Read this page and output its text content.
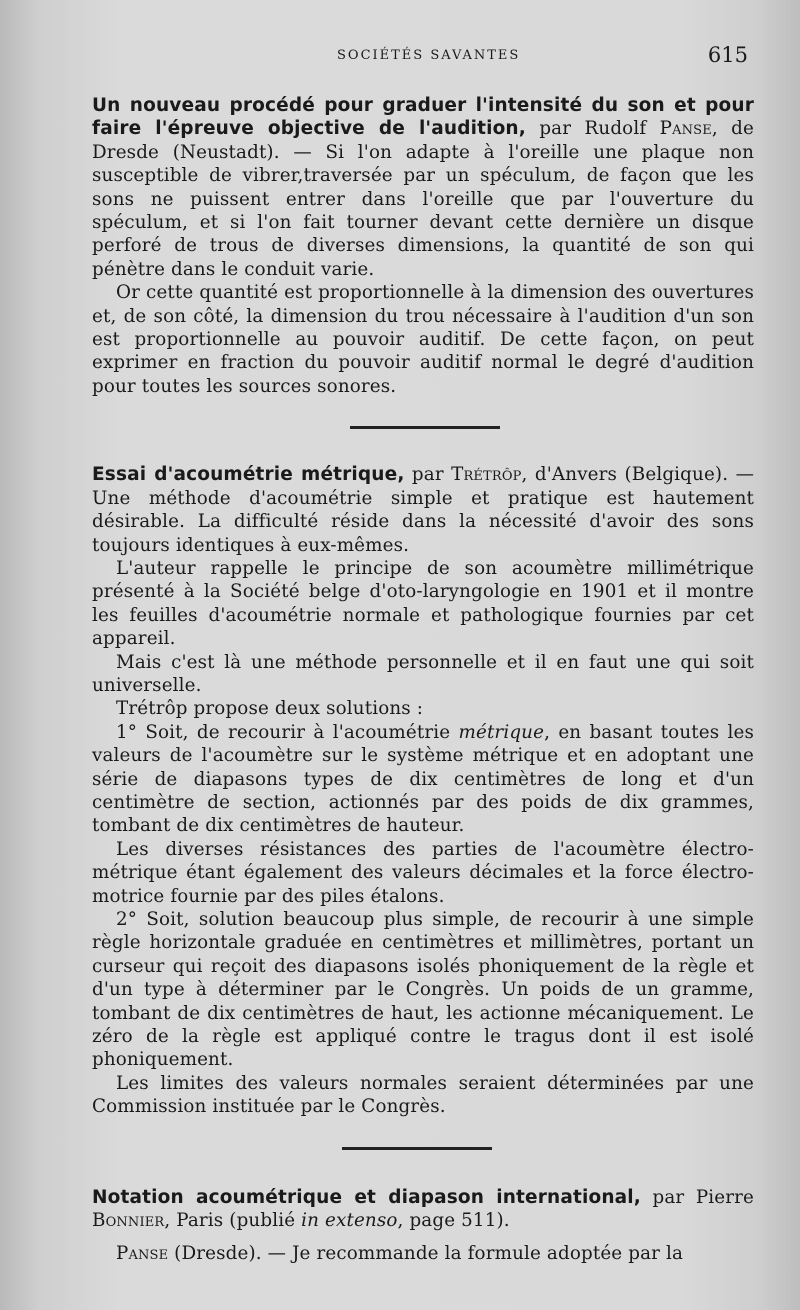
SOCIÉTÉS SAVANTES	615

Un nouveau procédé pour graduer l'intensité du son et pour faire l'épreuve objective de l'audition, par Rudolf Panse, de Dresde (Neustadt). — Si l'on adapte à l'oreille une plaque non susceptible de vibrer,traversée par un spéculum, de façon que les sons ne puissent entrer dans l'oreille que par l'ouverture du spéculum, et si l'on fait tourner devant cette dernière un disque perforé de trous de diverses dimensions, la quantité de son qui pénètre dans le conduit varie.

Or cette quantité est proportionnelle à la dimension des ouvertures et, de son côté, la dimension du trou nécessaire à l'audition d'un son est proportionnelle au pouvoir auditif. De cette façon, on peut exprimer en fraction du pouvoir auditif normal le degré d'audition pour toutes les sources sonores.

Essai d'acoumétrie métrique, par Trétrôp, d'Anvers (Belgique). — Une méthode d'acoumétrie simple et pratique est hautement désirable. La difficulté réside dans la nécessité d'avoir des sons toujours identiques à eux-mêmes.

L'auteur rappelle le principe de son acoumètre millimétrique présenté à la Société belge d'oto-laryngologie en 1901 et il montre les feuilles d'acoumétrie normale et pathologique fournies par cet appareil.

Mais c'est là une méthode personnelle et il en faut une qui soit universelle.

Trétrôp propose deux solutions :

1° Soit, de recourir à l'acoumétrie métrique, en basant toutes les valeurs de l'acoumètre sur le système métrique et en adoptant une série de diapasons types de dix centimètres de long et d'un centimètre de section, actionnés par des poids de dix grammes, tombant de dix centimètres de hauteur.

Les diverses résistances des parties de l'acoumètre électro-métrique étant également des valeurs décimales et la force électro-motrice fournie par des piles étalons.

2° Soit, solution beaucoup plus simple, de recourir à une simple règle horizontale graduée en centimètres et millimètres, portant un curseur qui reçoit des diapasons isolés phoniquement de la règle et d'un type à déterminer par le Congrès. Un poids de un gramme, tombant de dix centimètres de haut, les actionne mécaniquement. Le zéro de la règle est appliqué contre le tragus dont il est isolé phoniquement.

Les limites des valeurs normales seraient déterminées par une Commission instituée par le Congrès.

Notation acoumétrique et diapason international, par Pierre Bonnier, Paris (publié in extenso, page 511).

Panse (Dresde). — Je recommande la formule adoptée par la
